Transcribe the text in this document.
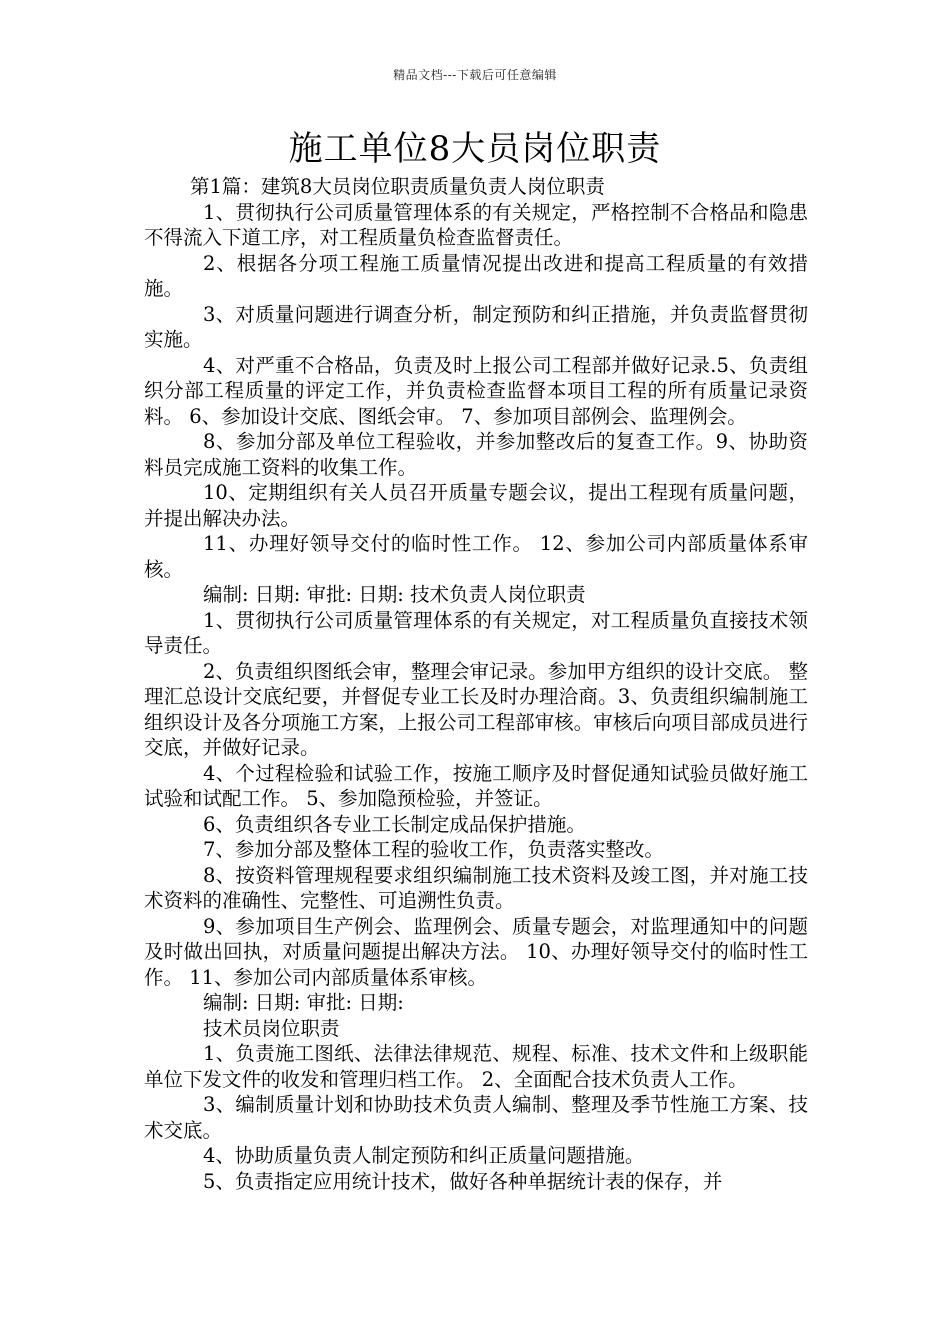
精品文档---下载后可任意编辑
施工单位8大员岗位职责

第1篇：建筑8大员岗位职责质量负责人岗位职责

1、贯彻执行公司质量管理体系的有关规定，严格控制不合格品和隐患不得流入下道工序，对工程质量负检查监督责任。

2、根据各分项工程施工质量情况提出改进和提高工程质量的有效措施。

3、对质量问题进行调查分析，制定预防和纠正措施，并负责监督贯彻实施。

4、对严重不合格品，负责及时上报公司工程部并做好记录.5、负责组织分部工程质量的评定工作，并负责检查监督本项目工程的所有质量记录资料。 6、参加设计交底、图纸会审。 7、参加项目部例会、监理例会。

8、参加分部及单位工程验收，并参加整改后的复查工作。9、协助资料员完成施工资料的收集工作。

10、定期组织有关人员召开质量专题会议，提出工程现有质量问题，并提出解决办法。

11、办理好领导交付的临时性工作。 12、参加公司内部质量体系审核。

编制: 日期: 审批: 日期: 技术负责人岗位职责

1、贯彻执行公司质量管理体系的有关规定，对工程质量负直接技术领导责任。

2、负责组织图纸会审，整理会审记录。参加甲方组织的设计交底。 整理汇总设计交底纪要，并督促专业工长及时办理洽商。3、负责组织编制施工组织设计及各分项施工方案，上报公司工程部审核。审核后向项目部成员进行交底，并做好记录。

4、个过程检验和试验工作，按施工顺序及时督促通知试验员做好施工试验和试配工作。 5、参加隐预检验，并签证。

6、负责组织各专业工长制定成品保护措施。

7、参加分部及整体工程的验收工作，负责落实整改。

8、按资料管理规程要求组织编制施工技术资料及竣工图，并对施工技术资料的准确性、完整性、可追溯性负责。

9、参加项目生产例会、监理例会、质量专题会，对监理通知中的问题及时做出回执，对质量问题提出解决方法。 10、办理好领导交付的临时性工作。 11、参加公司内部质量体系审核。

编制: 日期: 审批: 日期:

技术员岗位职责

1、负责施工图纸、法律法律规范、规程、标准、技术文件和上级职能单位下发文件的收发和管理归档工作。 2、全面配合技术负责人工作。

3、编制质量计划和协助技术负责人编制、整理及季节性施工方案、技术交底。

4、协助质量负责人制定预防和纠正质量问题措施。

5、负责指定应用统计技术，做好各种单据统计表的保存，并
